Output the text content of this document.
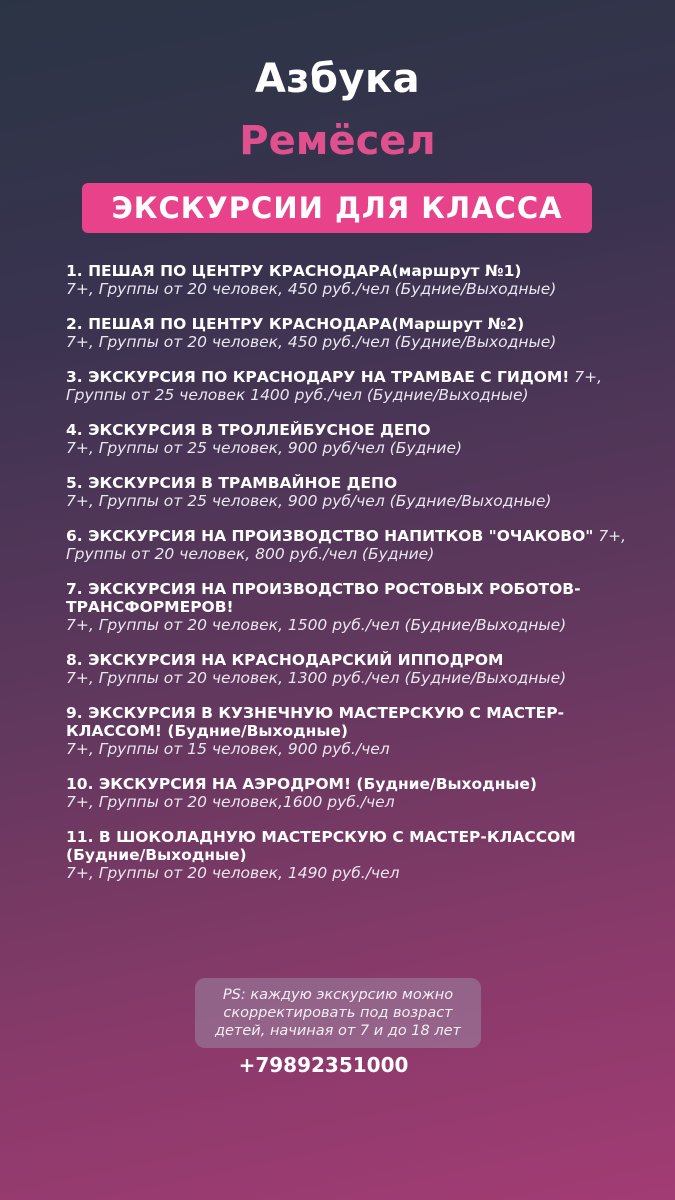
Азбука
Ремёсел
ЭКСКУРСИИ ДЛЯ КЛАССА
1. ПЕШАЯ ПО ЦЕНТРУ КРАСНОДАРА(маршрут №1)
7+, Группы от 20 человек, 450 руб./чел (Будние/Выходные)
2. ПЕШАЯ ПО ЦЕНТРУ КРАСНОДАРА(Маршрут №2)
7+, Группы от 20 человек, 450 руб./чел (Будние/Выходные)
3. ЭКСКУРСИЯ ПО КРАСНОДАРУ НА ТРАМВАЕ С ГИДОМ! 7+, Группы от 25 человек 1400 руб./чел (Будние/Выходные)
4. ЭКСКУРСИЯ В ТРОЛЛЕЙБУСНОЕ ДЕПО
7+, Группы от 25 человек, 900 руб/чел (Будние)
5. ЭКСКУРСИЯ В ТРАМВАЙНОЕ ДЕПО
7+, Группы от 25 человек, 900 руб/чел (Будние/Выходные)
6. ЭКСКУРСИЯ НА ПРОИЗВОДСТВО НАПИТКОВ "ОЧАКОВО" 7+, Группы от 20 человек, 800 руб./чел (Будние)
7. ЭКСКУРСИЯ НА ПРОИЗВОДСТВО РОСТОВЫХ РОБОТОВ-ТРАНСФОРМЕРОВ!
7+, Группы от 20 человек, 1500 руб./чел (Будние/Выходные)
8. ЭКСКУРСИЯ НА КРАСНОДАРСКИЙ ИППОДРОМ
7+, Группы от 20 человек, 1300 руб./чел (Будние/Выходные)
9. ЭКСКУРСИЯ В КУЗНЕЧНУЮ МАСТЕРСКУЮ С МАСТЕР-КЛАССОМ! (Будние/Выходные)
7+, Группы от 15 человек, 900 руб./чел
10. ЭКСКУРСИЯ НА АЭРОДРОМ! (Будние/Выходные)
7+, Группы от 20 человек,1600 руб./чел
11. В ШОКОЛАДНУЮ МАСТЕРСКУЮ С МАСТЕР-КЛАССОМ (Будние/Выходные)
7+, Группы от 20 человек, 1490 руб./чел
PS: каждую экскурсию можно скорректировать под возраст детей, начиная от 7 и до 18 лет
+79892351000
